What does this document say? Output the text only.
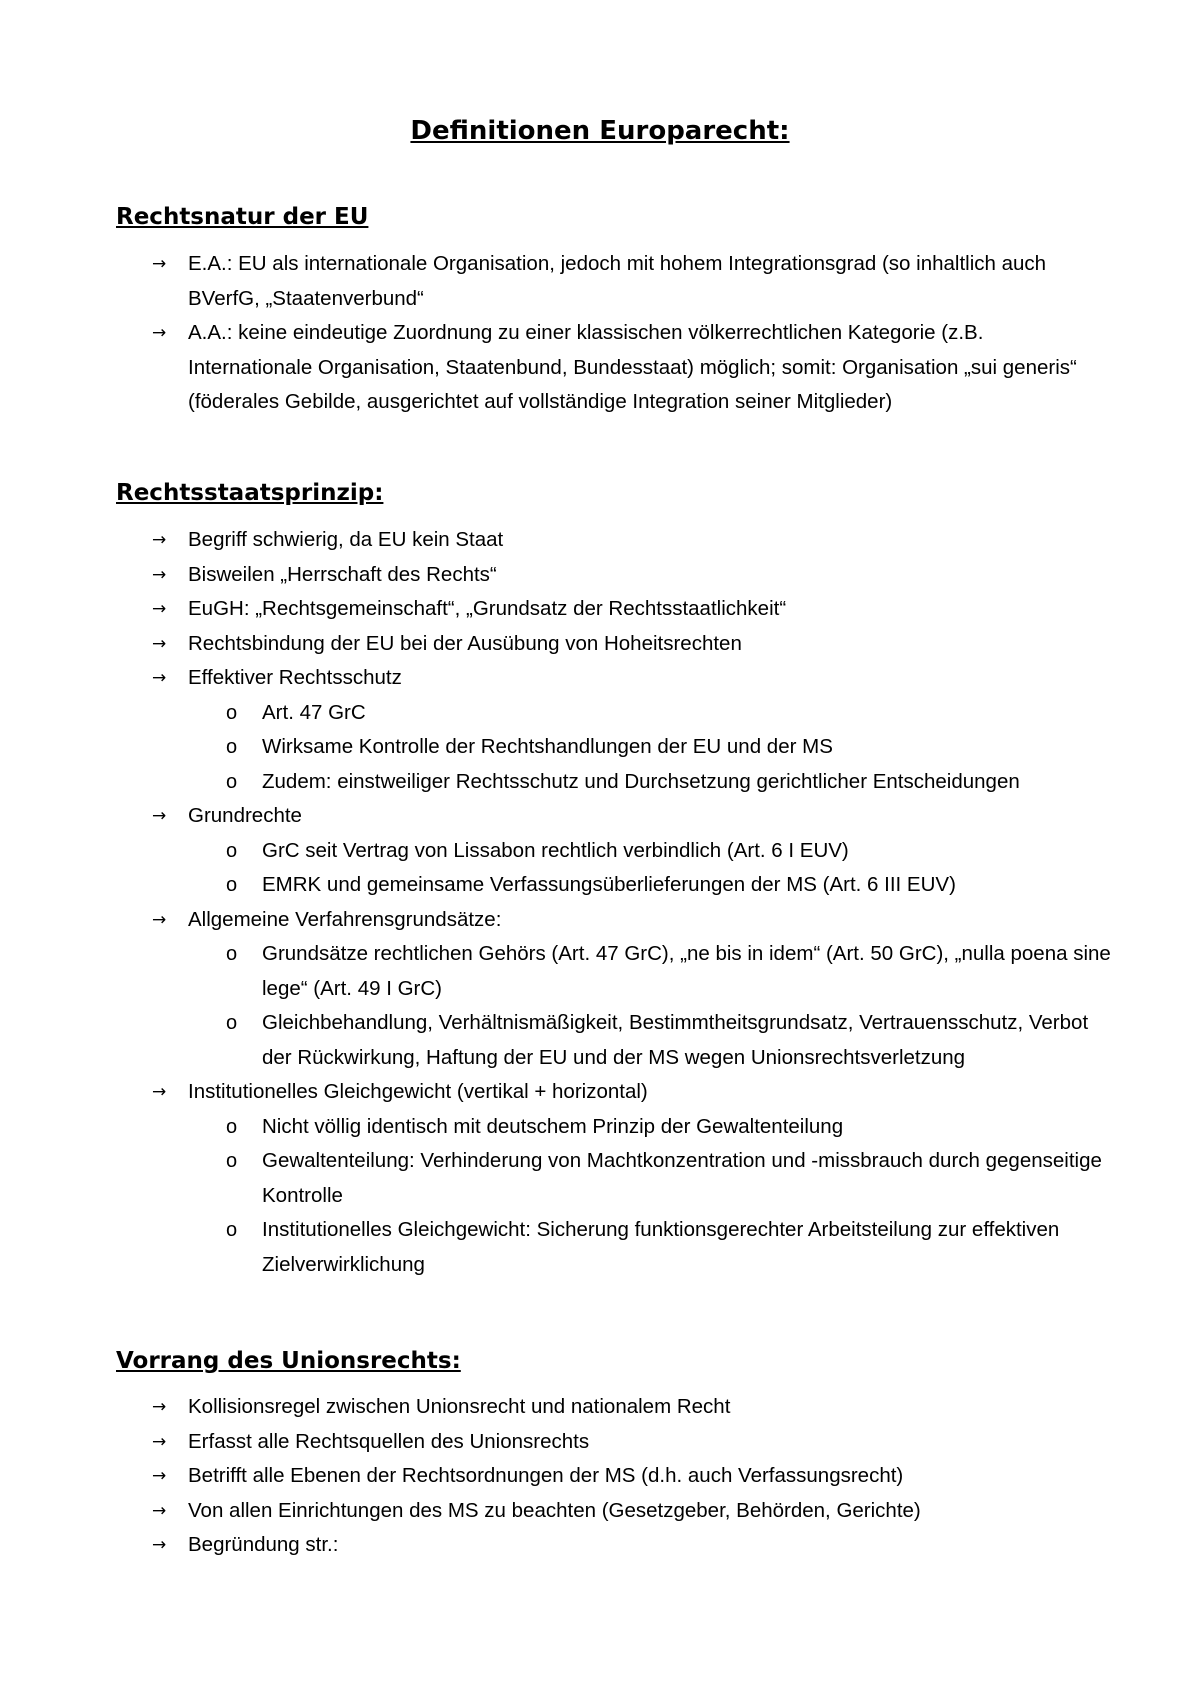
Definitionen Europarecht:
Rechtsnatur der EU
→ E.A.: EU als internationale Organisation, jedoch mit hohem Integrationsgrad (so inhaltlich auch BVerfG, „Staatenverbund“
→ A.A.: keine eindeutige Zuordnung zu einer klassischen völkerrechtlichen Kategorie (z.B. Internationale Organisation, Staatenbund, Bundesstaat) möglich; somit: Organisation „sui generis“ (föderales Gebilde, ausgerichtet auf vollständige Integration seiner Mitglieder)
Rechtsstaatsprinzip:
→ Begriff schwierig, da EU kein Staat
→ Bisweilen „Herrschaft des Rechts“
→ EuGH: „Rechtsgemeinschaft“, „Grundsatz der Rechtsstaatlichkeit“
→ Rechtsbindung der EU bei der Ausübung von Hoheitsrechten
→ Effektiver Rechtsschutz
o Art. 47 GrC
o Wirksame Kontrolle der Rechtshandlungen der EU und der MS
o Zudem: einstweiliger Rechtsschutz und Durchsetzung gerichtlicher Entscheidungen
→ Grundrechte
o GrC seit Vertrag von Lissabon rechtlich verbindlich (Art. 6 I EUV)
o EMRK und gemeinsame Verfassungsüberlieferungen der MS (Art. 6 III EUV)
→ Allgemeine Verfahrensgrundsätze:
o Grundsätze rechtlichen Gehörs (Art. 47 GrC), „ne bis in idem“ (Art. 50 GrC), „nulla poena sine lege“ (Art. 49 I GrC)
o Gleichbehandlung, Verhältnismäßigkeit, Bestimmtheitsgrundsatz, Vertrauensschutz, Verbot der Rückwirkung, Haftung der EU und der MS wegen Unionsrechtsverletzung
→ Institutionelles Gleichgewicht (vertikal + horizontal)
o Nicht völlig identisch mit deutschem Prinzip der Gewaltenteilung
o Gewaltenteilung: Verhinderung von Machtkonzentration und -missbrauch durch gegenseitige Kontrolle
o Institutionelles Gleichgewicht: Sicherung funktionsgerechter Arbeitsteilung zur effektiven Zielverwirklichung
Vorrang des Unionsrechts:
→ Kollisionsregel zwischen Unionsrecht und nationalem Recht
→ Erfasst alle Rechtsquellen des Unionsrechts
→ Betrifft alle Ebenen der Rechtsordnungen der MS (d.h. auch Verfassungsrecht)
→ Von allen Einrichtungen des MS zu beachten (Gesetzgeber, Behörden, Gerichte)
→ Begründung str.:
